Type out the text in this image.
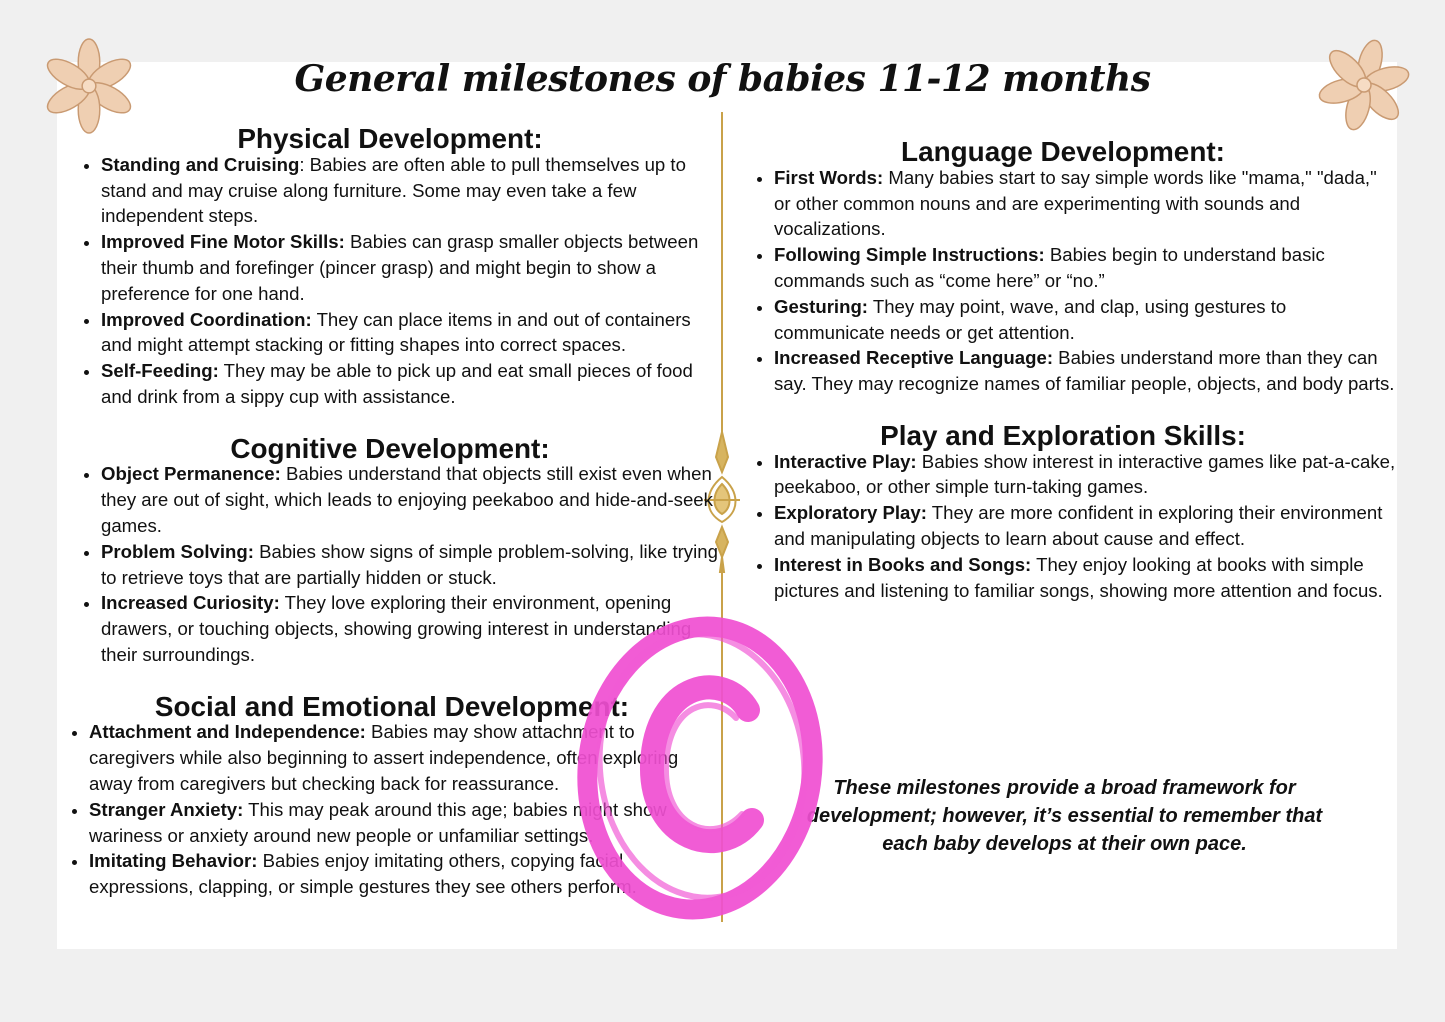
General milestones of babies 11-12 months
Physical Development:
• Standing and Cruising: Babies are often able to pull themselves up to stand and may cruise along furniture. Some may even take a few independent steps.
• Improved Fine Motor Skills: Babies can grasp smaller objects between their thumb and forefinger (pincer grasp) and might begin to show a preference for one hand.
• Improved Coordination: They can place items in and out of containers and might attempt stacking or fitting shapes into correct spaces.
• Self-Feeding: They may be able to pick up and eat small pieces of food and drink from a sippy cup with assistance.
Cognitive Development:
• Object Permanence: Babies understand that objects still exist even when they are out of sight, which leads to enjoying peekaboo and hide-and-seek games.
• Problem Solving: Babies show signs of simple problem-solving, like trying to retrieve toys that are partially hidden or stuck.
• Increased Curiosity: They love exploring their environment, opening drawers, or touching objects, showing growing interest in understanding their surroundings.
Social and Emotional Development:
• Attachment and Independence: Babies may show attachment to caregivers while also beginning to assert independence, often exploring away from caregivers but checking back for reassurance.
• Stranger Anxiety: This may peak around this age; babies might show wariness or anxiety around new people or unfamiliar settings.
• Imitating Behavior: Babies enjoy imitating others, copying facial expressions, clapping, or simple gestures they see others perform.
Language Development:
• First Words: Many babies start to say simple words like "mama," "dada," or other common nouns and are experimenting with sounds and vocalizations.
• Following Simple Instructions: Babies begin to understand basic commands such as “come here” or “no.”
• Gesturing: They may point, wave, and clap, using gestures to communicate needs or get attention.
• Increased Receptive Language: Babies understand more than they can say. They may recognize names of familiar people, objects, and body parts.
Play and Exploration Skills:
• Interactive Play: Babies show interest in interactive games like pat-a-cake, peekaboo, or other simple turn-taking games.
• Exploratory Play: They are more confident in exploring their environment and manipulating objects to learn about cause and effect.
• Interest in Books and Songs: They enjoy looking at books with simple pictures and listening to familiar songs, showing more attention and focus.
These milestones provide a broad framework for development; however, it’s essential to remember that each baby develops at their own pace.
